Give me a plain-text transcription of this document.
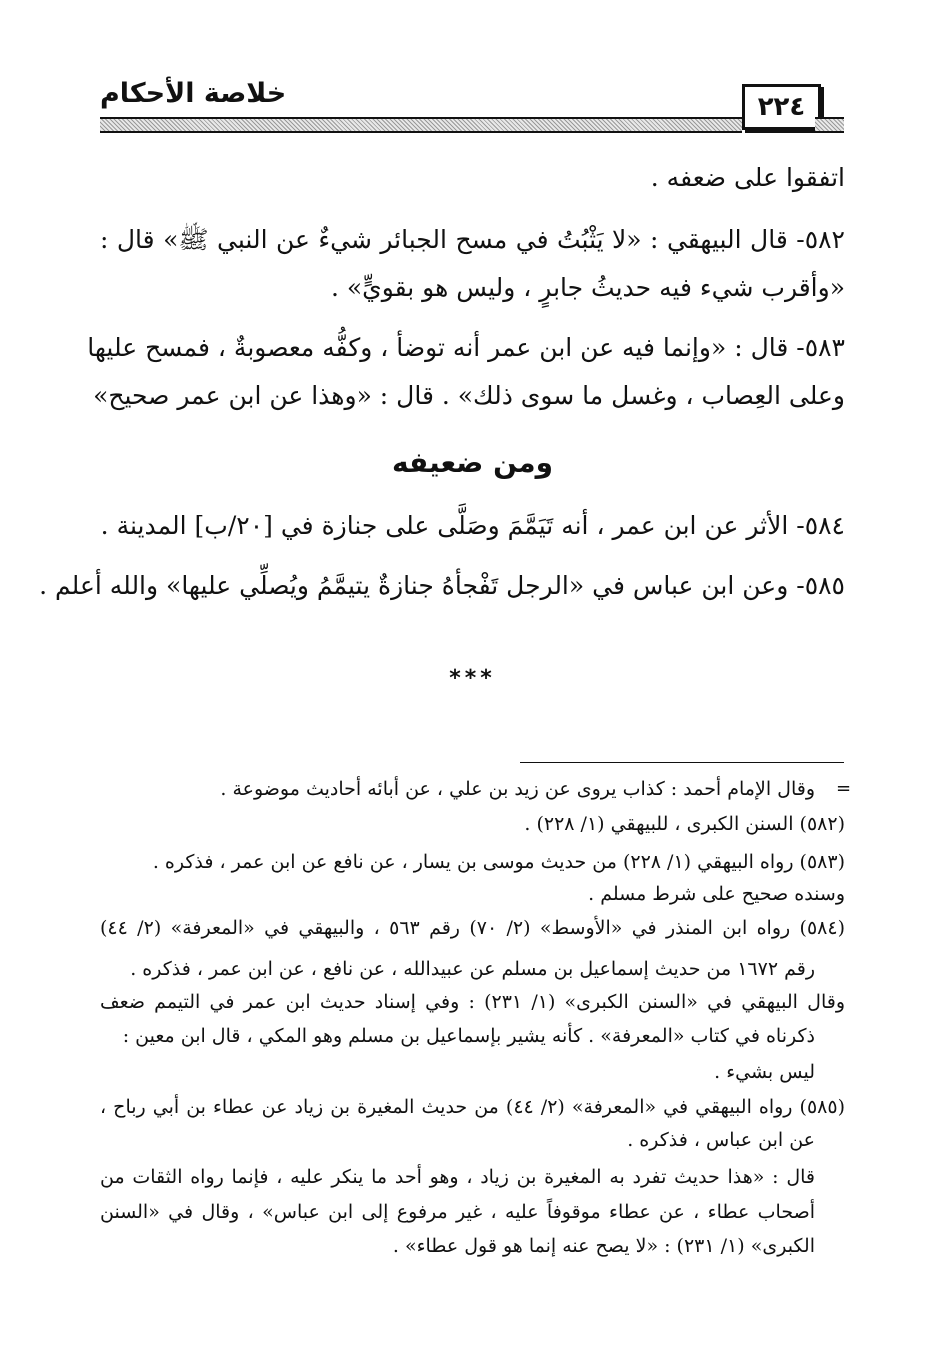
خلاصة الأحكام	٢٢٤
اتفقوا على ضعفه .
٥٨٢- قال البيهقي : «لا يَثْبُتُ في مسح الجبائر شيءٌ عن النبي ﷺ» قال :
«وأقرب شيء فيه حديثُ جابرٍ ، وليس هو بقويٍّ» .
٥٨٣- قال : «وإنما فيه عن ابن عمر أنه توضأ ، وكفُّه معصوبةٌ ، فمسح عليها
وعلى العِصاب ، وغسل ما سوى ذلك» . قال : «وهذا عن ابن عمر صحيح»
ومن ضعيفه
٥٨٤- الأثر عن ابن عمر ، أنه تَيَمَّمَ وصَلَّى على جنازة في [٢٠/ب] المدينة .
٥٨٥- وعن ابن عباس في «الرجل تَفْجأهُ جنازةٌ يتيمَّمُ ويُصلِّي عليها» والله أعلم .
***
=
وقال الإمام أحمد : كذاب يروى عن زيد بن علي ، عن أبائه أحاديث موضوعة .
(٥٨٢) السنن الكبرى ، للبيهقي (١/ ٢٢٨) .
(٥٨٣) رواه البيهقي (١/ ٢٢٨) من حديث موسى بن يسار ، عن نافع عن ابن عمر ، فذكره .
وسنده صحيح على شرط مسلم .
(٥٨٤) رواه ابن المنذر في «الأوسط» (٢/ ٧٠) رقم ٥٦٣ ، والبيهقي في «المعرفة» (٢/ ٤٤)
رقم ١٦٧٢ من حديث إسماعيل بن مسلم عن عبيدالله ، عن نافع ، عن ابن عمر ، فذكره .
وقال البيهقي في «السنن الكبرى» (١/ ٢٣١) : وفي إسناد حديث ابن عمر في التيمم ضعف
ذكرناه في كتاب «المعرفة» . كأنه يشير بإسماعيل بن مسلم وهو المكي ، قال ابن معين :
ليس بشيء .
(٥٨٥) رواه البيهقي في «المعرفة» (٢/ ٤٤) من حديث المغيرة بن زياد عن عطاء بن أبي رباح ،
عن ابن عباس ، فذكره .
قال : «هذا حديث تفرد به المغيرة بن زياد ، وهو أحد ما ينكر عليه ، فإنما رواه الثقات من
أصحاب عطاء ، عن عطاء موقوفاً عليه ، غير مرفوع إلى ابن عباس» ، وقال في «السنن
الكبرى» (١/ ٢٣١) : «لا يصح عنه إنما هو قول عطاء» .
